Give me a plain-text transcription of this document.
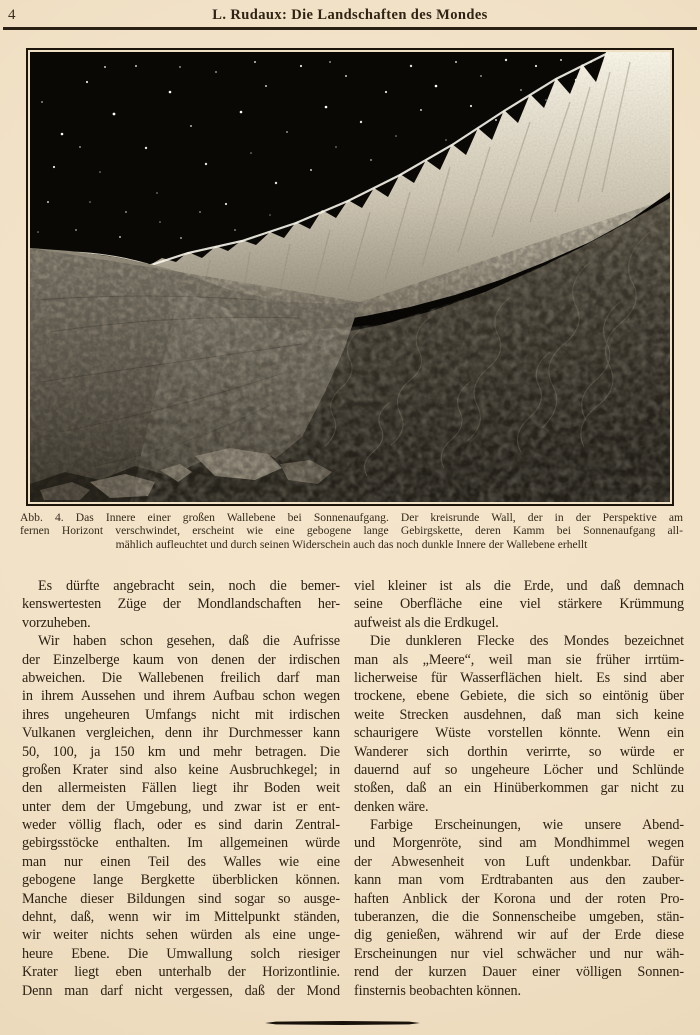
4	L. Rudaux: Die Landschaften des Mondes
Abb. 4. Das Innere einer großen Wallebene bei Sonnenaufgang. Der kreisrunde Wall, der in der Perspektive am
fernen Horizont verschwindet, erscheint wie eine gebogene lange Gebirgskette, deren Kamm bei Sonnenaufgang all-
mählich aufleuchtet und durch seinen Widerschein auch das noch dunkle Innere der Wallebene erhellt

Es dürfte angebracht sein, noch die bemer-
kenswertesten Züge der Mondlandschaften her-
vorzuheben.

Wir haben schon gesehen, daß die Aufrisse
der Einzelberge kaum von denen der irdischen
abweichen. Die Wallebenen freilich darf man
in ihrem Aussehen und ihrem Aufbau schon wegen
ihres ungeheuren Umfangs nicht mit irdischen
Vulkanen vergleichen, denn ihr Durchmesser kann
50, 100, ja 150 km und mehr betragen. Die
großen Krater sind also keine Ausbruchkegel; in
den allermeisten Fällen liegt ihr Boden weit
unter dem der Umgebung, und zwar ist er ent-
weder völlig flach, oder es sind darin Zentral-
gebirgsstöcke enthalten. Im allgemeinen würde
man nur einen Teil des Walles wie eine
gebogene lange Bergkette überblicken können.
Manche dieser Bildungen sind sogar so ausge-
dehnt, daß, wenn wir im Mittelpunkt ständen,
wir weiter nichts sehen würden als eine unge-
heure Ebene. Die Umwallung solch riesiger
Krater liegt eben unterhalb der Horizontlinie.
Denn man darf nicht vergessen, daß der Mond

viel kleiner ist als die Erde, und daß demnach
seine Oberfläche eine viel stärkere Krümmung
aufweist als die Erdkugel.

Die dunkleren Flecke des Mondes bezeichnet
man als „Meere“, weil man sie früher irrtüm-
licherweise für Wasserflächen hielt. Es sind aber
trockene, ebene Gebiete, die sich so eintönig über
weite Strecken ausdehnen, daß man sich keine
schaurigere Wüste vorstellen könnte. Wenn ein
Wanderer sich dorthin verirrte, so würde er
dauernd auf so ungeheure Löcher und Schlünde
stoßen, daß an ein Hinüberkommen gar nicht zu
denken wäre.

Farbige Erscheinungen, wie unsere Abend-
und Morgenröte, sind am Mondhimmel wegen
der Abwesenheit von Luft undenkbar. Dafür
kann man vom Erdtrabanten aus den zauber-
haften Anblick der Korona und der roten Pro-
tuberanzen, die die Sonnenscheibe umgeben, stän-
dig genießen, während wir auf der Erde diese
Erscheinungen nur viel schwächer und nur wäh-
rend der kurzen Dauer einer völligen Sonnen-
finsternis beobachten können.
